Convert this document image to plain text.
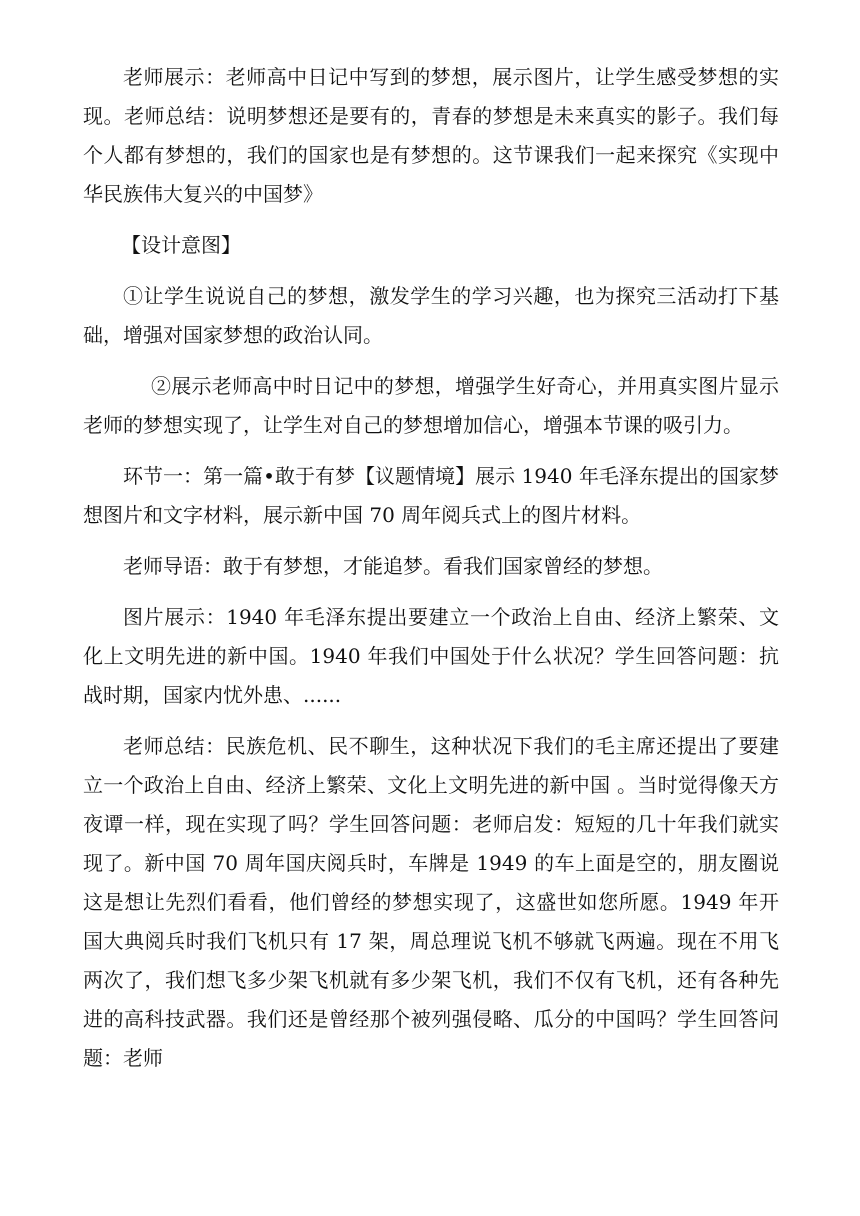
老师展示：老师高中日记中写到的梦想，展示图片，让学生感受梦想的实现。老师总结：说明梦想还是要有的，青春的梦想是未来真实的影子。我们每个人都有梦想的，我们的国家也是有梦想的。这节课我们一起来探究《实现中华民族伟大复兴的中国梦》

【设计意图】

①让学生说说自己的梦想，激发学生的学习兴趣，也为探究三活动打下基础，增强对国家梦想的政治认同。

②展示老师高中时日记中的梦想，增强学生好奇心，并用真实图片显示老师的梦想实现了，让学生对自己的梦想增加信心，增强本节课的吸引力。

环节一：第一篇•敢于有梦【议题情境】展示 1940 年毛泽东提出的国家梦想图片和文字材料，展示新中国 70 周年阅兵式上的图片材料。

老师导语：敢于有梦想，才能追梦。看我们国家曾经的梦想。

图片展示：1940 年毛泽东提出要建立一个政治上自由、经济上繁荣、文化上文明先进的新中国。1940 年我们中国处于什么状况？学生回答问题：抗战时期，国家内忧外患、......

老师总结：民族危机、民不聊生，这种状况下我们的毛主席还提出了要建立一个政治上自由、经济上繁荣、文化上文明先进的新中国 。当时觉得像天方夜谭一样，现在实现了吗？学生回答问题：老师启发：短短的几十年我们就实现了。新中国 70 周年国庆阅兵时，车牌是 1949 的车上面是空的，朋友圈说这是想让先烈们看看，他们曾经的梦想实现了，这盛世如您所愿。1949 年开国大典阅兵时我们飞机只有 17 架，周总理说飞机不够就飞两遍。现在不用飞两次了，我们想飞多少架飞机就有多少架飞机，我们不仅有飞机，还有各种先进的高科技武器。我们还是曾经那个被列强侵略、瓜分的中国吗？学生回答问题：老师
